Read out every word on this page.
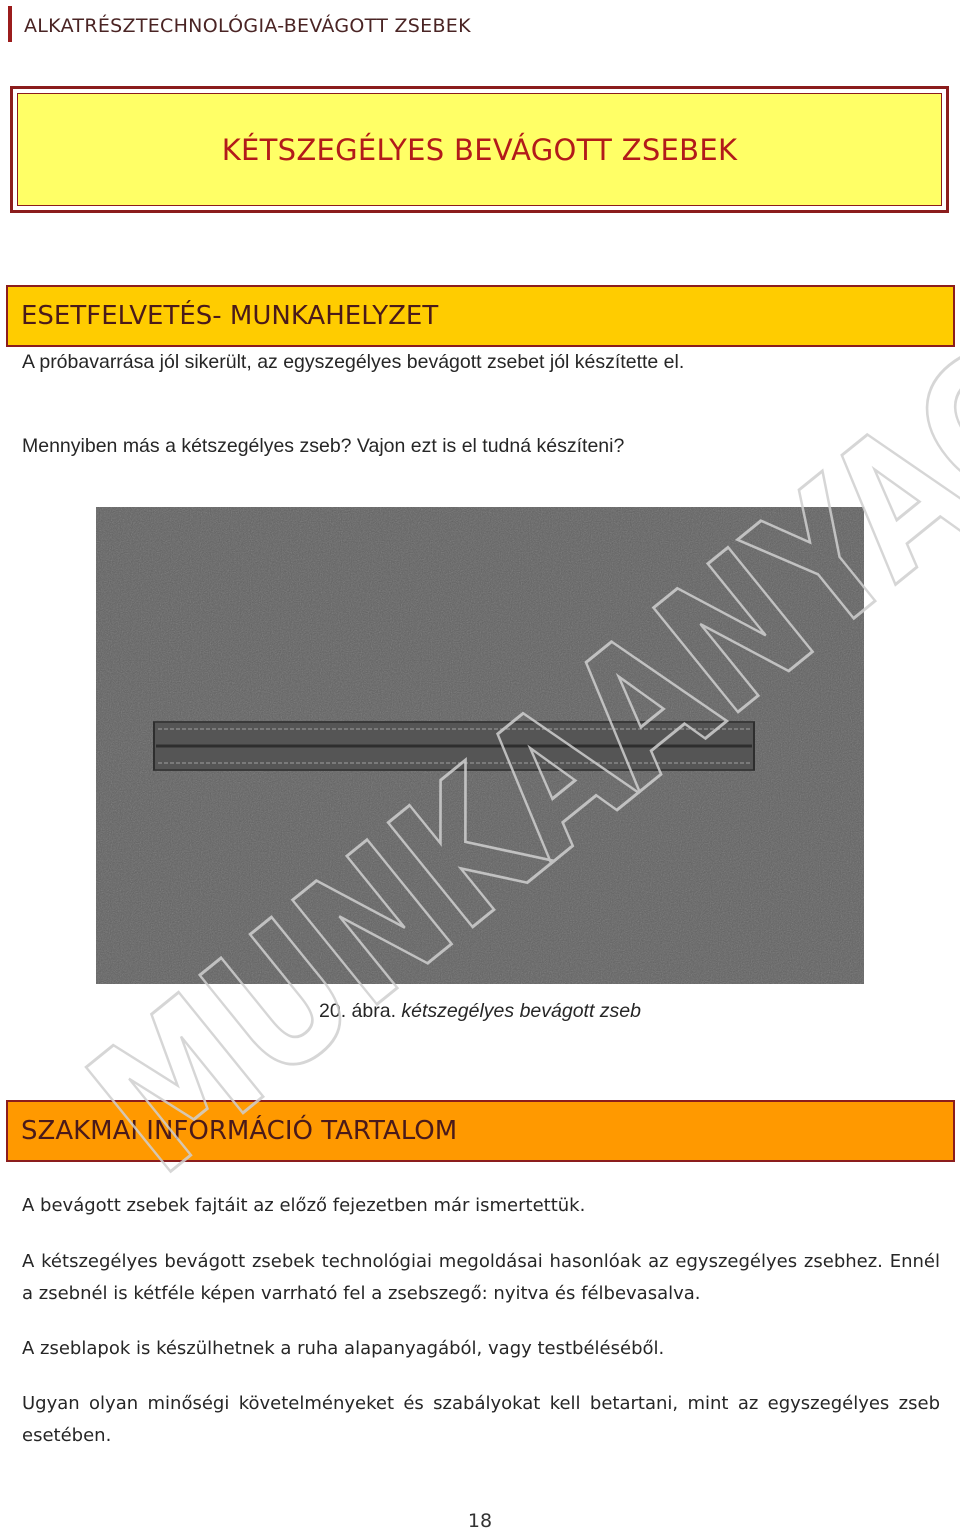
ALKATRÉSZTECHNOLÓGIA-BEVÁGOTT ZSEBEK
KÉTSZEGÉLYES BEVÁGOTT ZSEBEK
ESETFELVETÉS- MUNKAHELYZET
A próbavarrása jól sikerült, az egyszegélyes bevágott zsebet jól készítette el.
Mennyiben más a kétszegélyes zseb? Vajon ezt is el tudná készíteni?
20. ábra. kétszegélyes bevágott zseb
SZAKMAI INFORMÁCIÓ TARTALOM
A bevágott zsebek fajtáit az előző fejezetben már ismertettük.
A kétszegélyes bevágott zsebek technológiai megoldásai hasonlóak az egyszegélyes zsebhez. Ennél a zsebnél is kétféle képen varrható fel a zsebszegő: nyitva és félbevasalva.
A zseblapok is készülhetnek a ruha alapanyagából, vagy testbéléséből.
Ugyan olyan minőségi követelményeket és szabályokat kell betartani, mint az egyszegélyes zseb esetében.
18
